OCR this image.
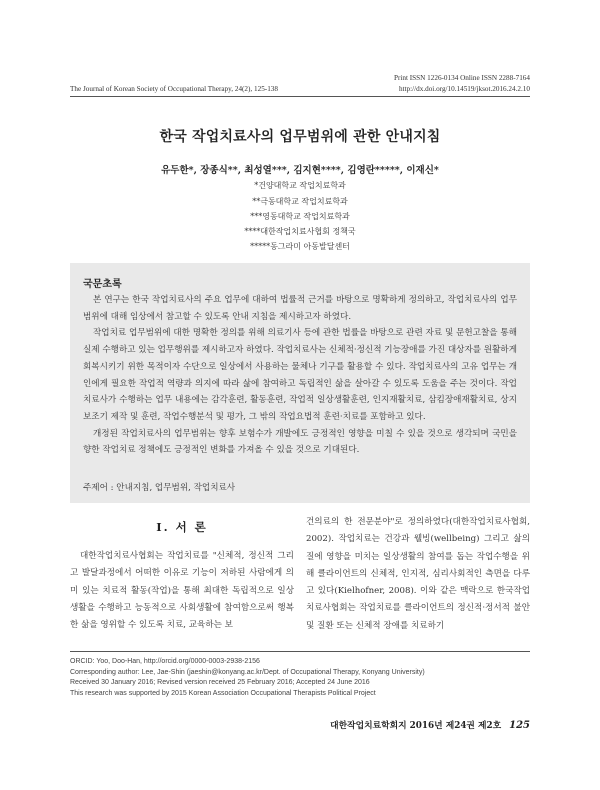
Print ISSN 1226-0134 Online ISSN 2288-7164
The Journal of Korean Society of Occupational Therapy, 24(2), 125-138	http://dx.doi.org/10.14519/jksot.2016.24.2.10
한국 작업치료사의 업무범위에 관한 안내지침
유두한*, 장종식**, 최성열***, 김지현****, 김영란*****, 이재신*
*건양대학교 작업치료학과
**극동대학교 작업치료학과
***영동대학교 작업치료학과
****대한작업치료사협회 정책국
*****동그라미 아동발달센터
국문초록

본 연구는 한국 작업치료사의 주요 업무에 대하여 법률적 근거를 바탕으로 명확하게 정의하고, 작업치료사의 업무범위에 대해 임상에서 참고할 수 있도록 안내 지침을 제시하고자 하였다.

작업치료 업무범위에 대한 명확한 정의를 위해 의료기사 등에 관한 법률을 바탕으로 관련 자료 및 문헌고찰을 통해 실제 수행하고 있는 업무행위를 제시하고자 하였다. 작업치료사는 신체적·정신적 기능장애를 가진 대상자를 원활하게 회복시키기 위한 목적이자 수단으로 일상에서 사용하는 물체나 기구를 활용할 수 있다. 작업치료사의 고유 업무는 개인에게 필요한 작업적 역량과 의지에 따라 삶에 참여하고 독립적인 삶을 살아갈 수 있도록 도움을 주는 것이다. 작업치료사가 수행하는 업무 내용에는 감각훈련, 활동훈련, 작업적 일상생활훈련, 인지재활치료, 삼킴장애재활치료, 상지보조기 제작 및 훈련, 작업수행분석 및 평가, 그 밖의 작업요법적 훈련·치료를 포함하고 있다.

개정된 작업치료사의 업무범위는 향후 보험수가 개발에도 긍정적인 영향을 미칠 수 있을 것으로 생각되며 국민을 향한 작업치료 정책에도 긍정적인 변화를 가져올 수 있을 것으로 기대된다.

주제어 : 안내지침, 업무범위, 작업치료사
Ⅰ. 서 론

대한작업치료사협회는 작업치료를 "신체적, 정신적 그리고 발달과정에서 어떠한 이유로 기능이 저하된 사람에게 의미 있는 치료적 활동(작업)을 통해 최대한 독립적으로 일상생활을 수행하고 능동적으로 사회생활에 참여함으로써 행복한 삶을 영위할 수 있도록 치료, 교육하는 보

건의료의 한 전문분야"로 정의하였다(대한작업치료사협회, 2002). 작업치료는 건강과 웰빙(wellbeing) 그리고 삶의 질에 영향을 미치는 일상생활의 참여를 돕는 작업수행을 위해 클라이언트의 신체적, 인지적, 심리사회적인 측면을 다루고 있다(Kielhofner, 2008). 이와 같은 맥락으로 한국작업치료사협회는 작업치료를 클라이언트의 정신적·정서적 불안 및 질환 또는 신체적 장애를 치료하기

ORCID: Yoo, Doo-Han, http://orcid.org/0000-0003-2938-2156
Corresponding author: Lee, Jae-Shin (jaeshin@konyang.ac.kr/Dept. of Occupational Therapy, Konyang University)
Received 30 January 2016; Revised version received 25 February 2016; Accepted 24 June 2016
This research was supported by 2015 Korean Association Occupational Therapists Political Project
대한작업치료학회지 2016년 제24권 제2호 125
